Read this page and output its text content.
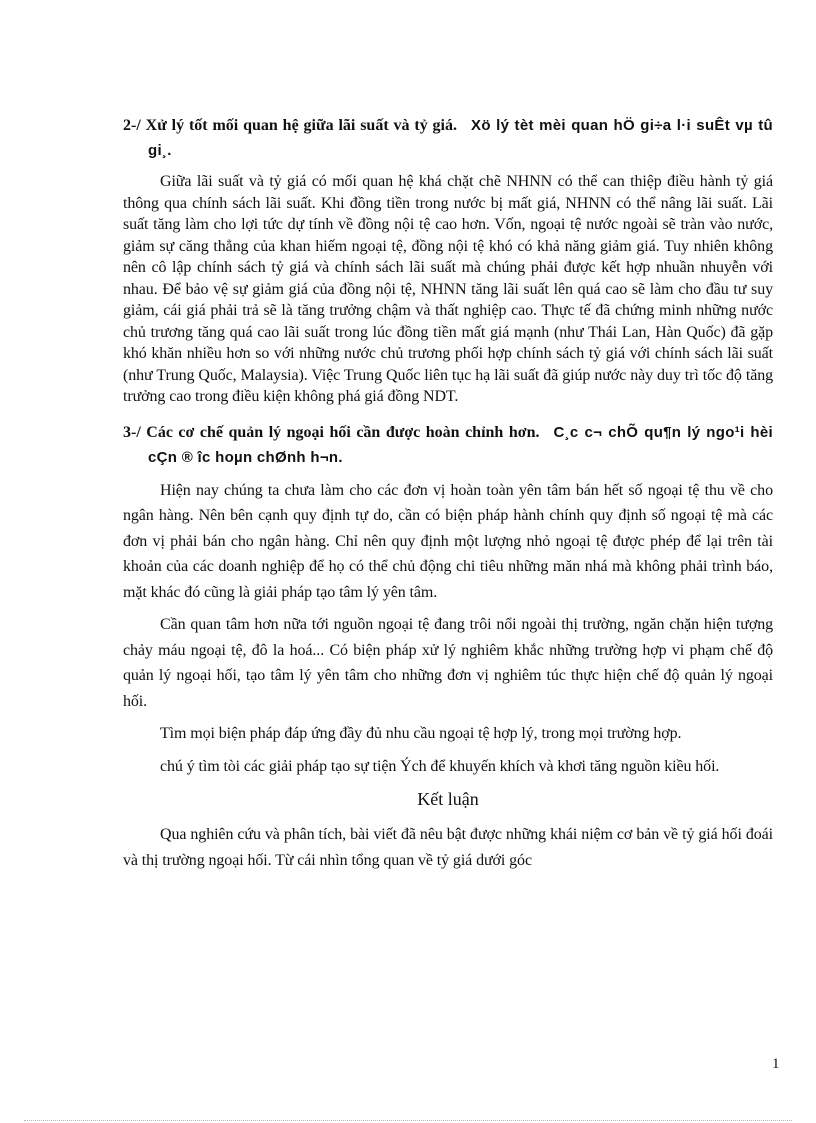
2-/ Xử lý tốt mối quan hệ giữa lãi suất và tỷ giá. Xö lý tèt mèi quan hÖ gi÷a l·i suÊt vµ tû gi¸.

Giữa lãi suất và tỷ giá có mối quan hệ khá chặt chẽ NHNN có thể can thiệp điều hành tỷ giá thông qua chính sách lãi suất. Khi đồng tiền trong nước bị mất giá, NHNN có thể nâng lãi suất. Lãi suất tăng làm cho lợi tức dự tính về đồng nội tệ cao hơn. Vốn, ngoại tệ nước ngoài sẽ tràn vào nước, giảm sự căng thẳng của khan hiếm ngoại tệ, đồng nội tệ khó có khả năng giảm giá. Tuy nhiên không nên cô lập chính sách tỷ giá và chính sách lãi suất mà chúng phải được kết hợp nhuần nhuyễn với nhau. Để bảo vệ sự giảm giá của đồng nội tệ, NHNN tăng lãi suất lên quá cao sẽ làm cho đầu tư suy giảm, cái giá phải trả sẽ là tăng trưởng chậm và thất nghiệp cao. Thực tế đã chứng minh những nước chủ trương tăng quá cao lãi suất trong lúc đồng tiền mất giá mạnh (như Thái Lan, Hàn Quốc) đã gặp khó khăn nhiều hơn so với những nước chủ trương phối hợp chính sách tỷ giá với chính sách lãi suất (như Trung Quốc, Malaysia). Việc Trung Quốc liên tục hạ lãi suất đã giúp nước này duy trì tốc độ tăng trưởng cao trong điều kiện không phá giá đồng NDT.

3-/ Các cơ chế quản lý ngoại hối cần được hoàn chỉnh hơn. C¸c c¬ chÕ qu¶n lý ngo¹i hèi cÇn ® îc hoµn chØnh h¬n.

Hiện nay chúng ta chưa làm cho các đơn vị hoàn toàn yên tâm bán hết số ngoại tệ thu về cho ngân hàng. Nên bên cạnh quy định tự do, cần có biện pháp hành chính quy định số ngoại tệ mà các đơn vị phải bán cho ngân hàng. Chỉ nên quy định một lượng nhỏ ngoại tệ được phép để lại trên tài khoản của các doanh nghiệp để họ có thể chủ động chi tiêu những măn nhá mà không phải trình báo, mặt khác đó cũng là giải pháp tạo tâm lý yên tâm.

Cần quan tâm hơn nữa tới nguồn ngoại tệ đang trôi nổi ngoài thị trường, ngăn chặn hiện tượng chảy máu ngoại tệ, đô la hoá... Có biện pháp xử lý nghiêm khắc những trường hợp vi phạm chế độ quản lý ngoại hối, tạo tâm lý yên tâm cho những đơn vị nghiêm túc thực hiện chế độ quản lý ngoại hối.

Tìm mọi biện pháp đáp ứng đầy đủ nhu cầu ngoại tệ hợp lý, trong mọi trường hợp.

chú ý tìm tòi các giải pháp tạo sự tiện Ých để khuyến khích và khơi tăng nguồn kiều hối.

Kết luận

Qua nghiên cứu và phân tích, bài viết đã nêu bật được những khái niệm cơ bản về tỷ giá hối đoái và thị trường ngoại hối. Từ cái nhìn tổng quan về tỷ giá dưới góc

1
